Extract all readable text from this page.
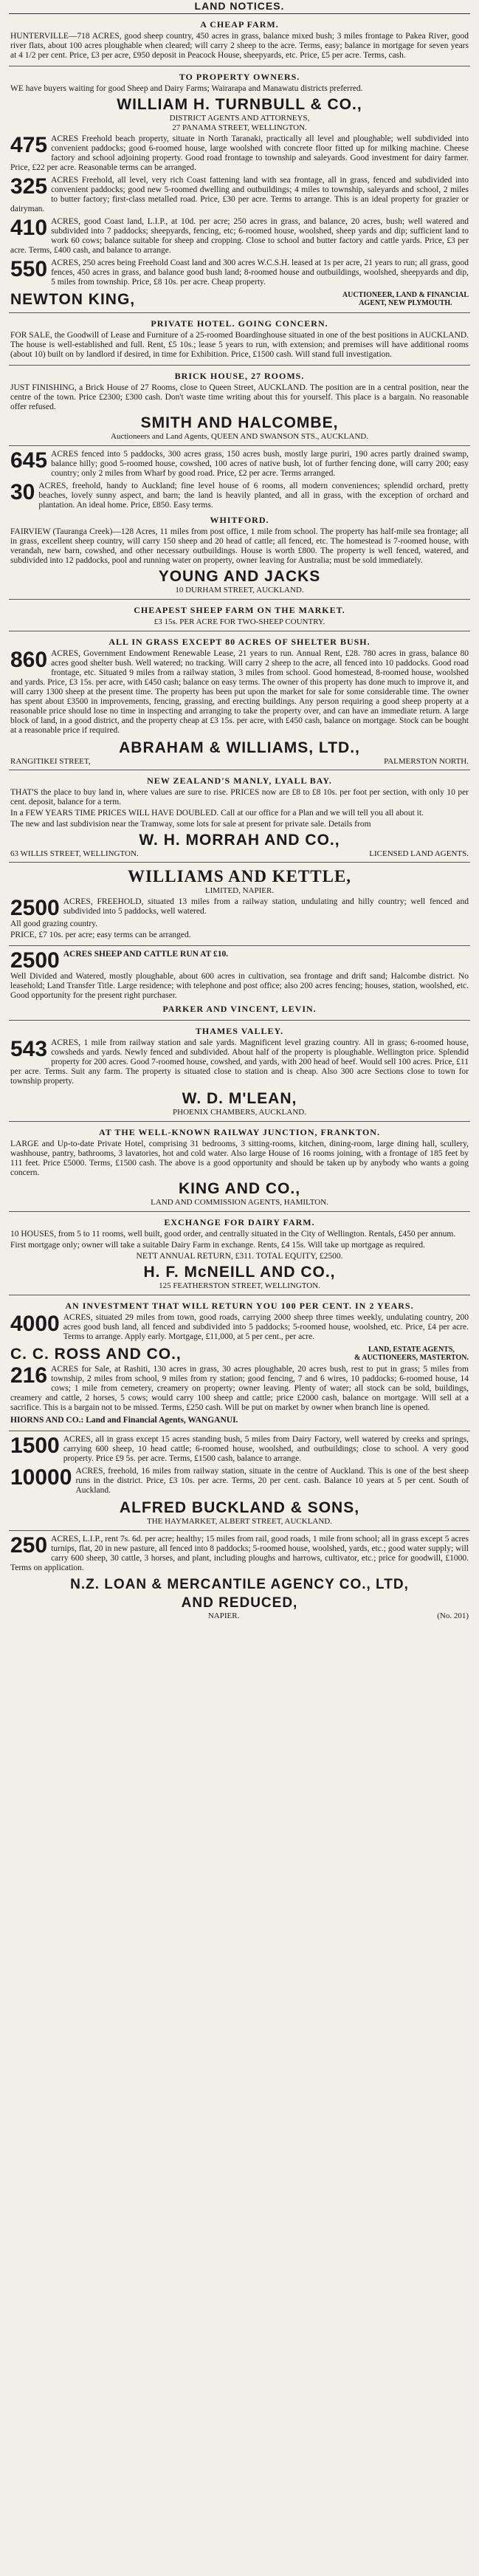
LAND NOTICES.
A CHEAP FARM.
HUNTERVILLE—718 ACRES, good sheep country, 450 acres in grass, balance mixed bush; 3 miles frontage to Pakea River, good river flats, about 100 acres ploughable when cleared; will carry 2 sheep to the acre. Terms, easy; balance in mortgage for seven years at 4 1/2 per cent. Price, £3 per acre, £950 deposit in Peacock House, sheepyards, etc. Price, £5 per acre. Terms, cash.
TO PROPERTY OWNERS.
WE have buyers waiting for good Sheep and Dairy Farms; Wairarapa and Manawatu districts preferred.
WILLIAM H. TURNBULL & CO.,
DISTRICT AGENTS AND ATTORNEYS,
27 PANAMA STREET, WELLINGTON.
475 ACRES Freehold beach property, situate in North Taranaki, practically all level and ploughable; well subdivided into convenient paddocks; good 6-roomed house, large woolshed with concrete floor fitted up for milking machine. Cheese factory and school adjoining property. Good road frontage to township and saleyards. Good investment for dairy farmer. Price, £22 per acre. Reasonable terms can be arranged.
325 ACRES Freehold, all level, very rich Coast fattening land with sea frontage, all in grass, fenced and subdivided into convenient paddocks; good new 5-roomed dwelling and outbuildings; 4 miles to township, saleyards and school, 2 miles to butter factory; first-class metalled road. Price, £30 per acre. Terms to arrange. This is an ideal property for grazier or dairyman.
410 ACRES, good Coast land, L.I.P., at 10d. per acre; 250 acres in grass, and balance, 20 acres, bush; well watered and subdivided into 7 paddocks; sheepyards, fencing, etc; 6-roomed house, woolshed, sheep yards and dip; sufficient land to work 60 cows; balance suitable for sheep and cropping. Close to school and butter factory and cattle yards. Price, £3 per acre. Terms, £400 cash, and balance to arrange.
550 ACRES, 250 acres being Freehold Coast land and 300 acres W.C.S.H. leased at 1s per acre, 21 years to run; all grass, good fences, 450 acres in grass, and balance good bush land; 8-roomed house and outbuildings, woolshed, sheepyards and dip, 5 miles from township. Price, £8 10s. per acre. Cheap property.
NEWTON KING,	AUCTIONEER, LAND & FINANCIAL
AGENT, NEW PLYMOUTH.
PRIVATE HOTEL. GOING CONCERN.
FOR SALE, the Goodwill of Lease and Furniture of a 25-roomed Boardinghouse situated in one of the best positions in AUCKLAND. The house is well-established and full. Rent, £5 10s.; lease 5 years to run, with extension; and premises will have additional rooms (about 10) built on by landlord if desired, in time for Exhibition. Price, £1500 cash. Will stand full investigation.
BRICK HOUSE, 27 ROOMS.
JUST FINISHING, a Brick House of 27 Rooms, close to Queen Street, AUCKLAND. The position are in a central position, near the centre of the town. Price £2300; £300 cash. Don't waste time writing about this for yourself. This place is a bargain. No reasonable offer refused.
SMITH AND HALCOMBE,
Auctioneers and Land Agents, QUEEN AND SWANSON STS., AUCKLAND.
645 ACRES fenced into 5 paddocks, 300 acres grass, 150 acres bush, mostly large puriri, 190 acres partly drained swamp, balance hilly; good 5-roomed house, cowshed, 100 acres of native bush, lot of further fencing done, will carry 200; easy country; only 2 miles from Wharf by good road. Price, £2 per acre. Terms arranged.
30 ACRES, freehold, handy to Auckland; fine level house of 6 rooms, all modern conveniences; splendid orchard, pretty beaches, lovely sunny aspect, and barn; the land is heavily planted, and all in grass, with the exception of orchard and plantation. An ideal home. Price, £850. Easy terms.
WHITFORD.
FAIRVIEW (Tauranga Creek)—128 Acres, 11 miles from post office, 1 mile from school. The property has half-mile sea frontage; all in grass, excellent sheep country, will carry 150 sheep and 20 head of cattle; all fenced, etc. The homestead is 7-roomed house, with verandah, new barn, cowshed, and other necessary outbuildings. House is worth £800. The property is well fenced, watered, and subdivided into 12 paddocks, pool and running water on property, owner leaving for Australia; must be sold immediately.
YOUNG AND JACKS
10 DURHAM STREET, AUCKLAND.
CHEAPEST SHEEP FARM ON THE MARKET.
£3 15s. PER ACRE FOR TWO-SHEEP COUNTRY.
ALL IN GRASS EXCEPT 80 ACRES OF SHELTER BUSH.
860 ACRES, Government Endowment Renewable Lease, 21 years to run. Annual Rent, £28. 780 acres in grass, balance 80 acres good shelter bush. Well watered; no tracking. Will carry 2 sheep to the acre, all fenced into 10 paddocks. Good road frontage, etc. Situated 9 miles from a railway station, 3 miles from school. Good homestead, 8-roomed house, woolshed and yards. Price, £3 15s. per acre, with £450 cash; balance on easy terms. The owner of this property has done much to improve it, and will carry 1300 sheep at the present time. The property has been put upon the market for sale for some considerable time. The owner has spent about £3500 in improvements, fencing, grassing, and erecting buildings. Any person requiring a good sheep property at a reasonable price should lose no time in inspecting and arranging to take the property over, and can have an immediate return. A large block of land, in a good district, and the property cheap at £3 15s. per acre, with £450 cash, balance on mortgage. Stock can be bought at a reasonable price if required.
ABRAHAM & WILLIAMS, LTD.,
RANGITIKEI STREET,	PALMERSTON NORTH.
NEW ZEALAND'S MANLY, LYALL BAY.
THAT'S the place to buy land in, where values are sure to rise. PRICES now are £8 to £8 10s. per foot per section, with only 10 per cent. deposit, balance for a term.
In a FEW YEARS TIME PRICES WILL HAVE DOUBLED. Call at our office for a Plan and we will tell you all about it.
The new and last subdivision near the Tramway, some lots for sale at present for private sale. Details from
W. H. MORRAH AND CO.,
63 WILLIS STREET, WELLINGTON.	LICENSED LAND AGENTS.
WILLIAMS AND KETTLE,
LIMITED, NAPIER.
2500 ACRES, FREEHOLD, situated 13 miles from a railway station, undulating and hilly country; well fenced and subdivided into 5 paddocks, well watered.
All good grazing country.
PRICE, £7 10s. per acre; easy terms can be arranged.
2500 ACRES SHEEP AND CATTLE RUN AT £10.
Well Divided and Watered, mostly ploughable, about 600 acres in cultivation, sea frontage and drift sand; Halcombe district. No leasehold; Land Transfer Title. Large residence; with telephone and post office; also 200 acres fencing; houses, station, woolshed, etc. Good opportunity for the present right purchaser.
PARKER AND VINCENT, LEVIN.
THAMES VALLEY.
543 ACRES, 1 mile from railway station and sale yards. Magnificent level grazing country. All in grass; 6-roomed house, cowsheds and yards. Newly fenced and subdivided. About half of the property is ploughable. Wellington price. Splendid property for 200 acres. Good 7-roomed house, cowshed, and yards, with 200 head of beef. Would sell 100 acres. Price, £11 per acre. Terms. Suit any farm. The property is situated close to station and is cheap. Also 300 acre Sections close to town for township property.
W. D. M'LEAN,
PHOENIX CHAMBERS, AUCKLAND.
AT THE WELL-KNOWN RAILWAY JUNCTION, FRANKTON.
LARGE and Up-to-date Private Hotel, comprising 31 bedrooms, 3 sitting-rooms, kitchen, dining-room, large dining hall, scullery, washhouse, pantry, bathrooms, 3 lavatories, hot and cold water. Also large House of 16 rooms joining, with a frontage of 185 feet by 111 feet. Price £5000. Terms, £1500 cash. The above is a good opportunity and should be taken up by anybody who wants a going concern.
KING AND CO.,
LAND AND COMMISSION AGENTS, HAMILTON.
EXCHANGE FOR DAIRY FARM.
10 HOUSES, from 5 to 11 rooms, well built, good order, and centrally situated in the City of Wellington. Rentals, £450 per annum.
First mortgage only; owner will take a suitable Dairy Farm in exchange. Rents, £4 15s. Will take up mortgage as required.
NETT ANNUAL RETURN, £311. TOTAL EQUITY, £2500.
H. F. McNEILL AND CO.,
125 FEATHERSTON STREET, WELLINGTON.
AN INVESTMENT THAT WILL RETURN YOU 100 PER CENT. IN 2 YEARS.
4000 ACRES, situated 29 miles from town, good roads, carrying 2000 sheep three times weekly, undulating country, 200 acres good bush land, all fenced and subdivided into 5 paddocks; 5-roomed house, woolshed, etc. Price, £4 per acre. Terms to arrange. Apply early. Mortgage, £11,000, at 5 per cent., per acre.
C. C. ROSS AND CO.,	LAND, ESTATE AGENTS,
& AUCTIONEERS, MASTERTON.
216 ACRES for Sale, at Rashiti, 130 acres in grass, 30 acres ploughable, 20 acres bush, rest to put in grass; 5 miles from township, 2 miles from school, 9 miles from ry station; good fencing, 7 and 6 wires, 10 paddocks; 6-roomed house, 14 cows; 1 mile from cemetery, creamery on property; owner leaving. Plenty of water; all stock can be sold, buildings, creamery and cattle, 2 horses, 5 cows; would carry 100 sheep and cattle; price £2000 cash, balance on mortgage. Will sell at a sacrifice. This is a bargain not to be missed. Terms, £250 cash. Will be put on market by owner when branch line is opened.
HIORNS AND CO.: Land and Financial Agents, WANGANUI.
1500 ACRES, all in grass except 15 acres standing bush, 5 miles from Dairy Factory, well watered by creeks and springs, carrying 600 sheep, 10 head cattle; 6-roomed house, woolshed, and outbuildings; close to school. A very good property. Price £9 5s. per acre. Terms, £1500 cash, balance to arrange.
10000 ACRES, freehold, 16 miles from railway station, situate in the centre of Auckland. This is one of the best sheep runs in the district. Price, £3 10s. per acre. Terms, 20 per cent. cash. Balance 10 years at 5 per cent. South of Auckland.
ALFRED BUCKLAND & SONS,
THE HAYMARKET, ALBERT STREET, AUCKLAND.
250 ACRES, L.I.P., rent 7s. 6d. per acre; healthy; 15 miles from rail, good roads, 1 mile from school; all in grass except 5 acres turnips, flat, 20 in new pasture, all fenced into 8 paddocks; 5-roomed house, woolshed, yards, etc.; good water supply; will carry 600 sheep, 30 cattle, 3 horses, and plant, including ploughs and harrows, cultivator, etc.; price for goodwill, £1000. Terms on application.
N.Z. LOAN & MERCANTILE AGENCY CO., LTD,
AND REDUCED,
NAPIER.	(No. 201)
